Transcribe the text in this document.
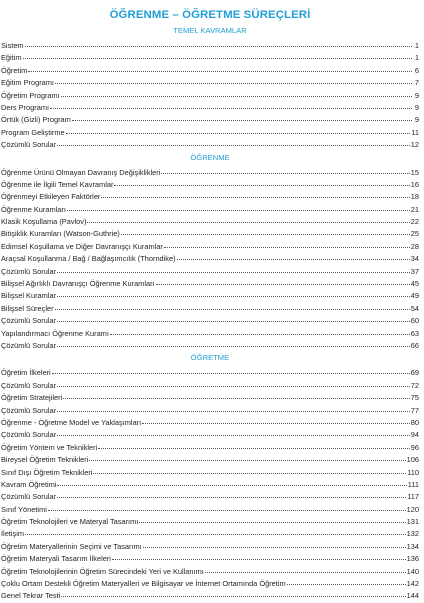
ÖĞRENME – ÖĞRETME SÜREÇLERİ
TEMEL KAVRAMLAR
Sistem	1
Eğitim	1
Öğretim	6
Eğitim Programı	7
Öğretim Programı	9
Ders Programı	9
Örtük (Gizli) Program	9
Program Geliştirme	11
Çözümlü Sorular	12
ÖĞRENME
Öğrenme Ürünü Olmayan Davranış Değişiklikleri	15
Öğrenme ile İlgili Temel Kavramlar	16
Öğrenmeyi Etkileyen Faktörler	18
Öğrenme Kuramları	21
Klasik Koşullama (Pavlov)	22
Bitişiklik Kuramları (Watson-Guthrie)	25
Edimsel Koşullama ve Diğer Davranışçı Kuramlar	28
Araçsal Koşullanma / Bağ / Bağlaşımcılık (Thorndike)	34
Çözümlü Sorular	37
Bilişsel Ağırlıklı Davranışçı Öğrenme Kuramları	45
Bilişsel Kuramlar	49
Bilişsel Süreçler	54
Çözümlü Sorular	60
Yapılandırmacı Öğrenme Kuramı	63
Çözümlü Sorular	66
ÖĞRETME
Öğretim İlkeleri	69
Çözümlü Sorular	72
Öğretim Stratejileri	75
Çözümlü Sorular	77
Öğrenme - Öğretme Model ve Yaklaşımları	80
Çözümlü Sorular	94
Öğretim Yöntem ve Teknikleri	96
Bireysel Öğretim Teknikleri	106
Sınıf Dışı Öğretim Teknikleri	110
Kavram Öğretimi	111
Çözümlü Sorular	117
Sınıf Yönetimi	120
Öğretim Teknolojileri ve Materyal Tasarımı	131
İletişim	132
Öğretim Materyallerinin Seçimi ve Tasarımı	134
Öğretim Materyali Tasarım İlkeleri	136
Öğretim Teknolojilerinin Öğretim Sürecindeki Yeri ve Kullanımı	140
Çoklu Ortam Destekli Öğretim Materyalleri ve Bilgisayar ve İnternet Ortamında Öğretim	142
Genel Tekrar Testi	144
